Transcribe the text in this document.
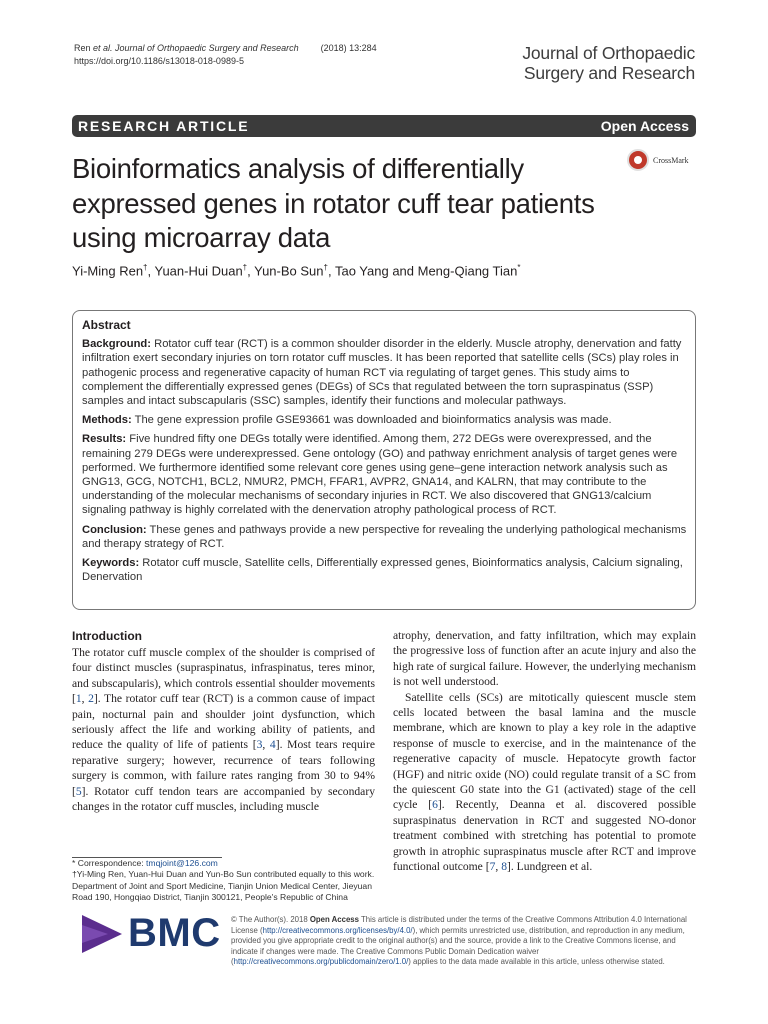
Ren et al. Journal of Orthopaedic Surgery and Research (2018) 13:284
https://doi.org/10.1186/s13018-018-0989-5	Journal of Orthopaedic
Surgery and Research
RESEARCH ARTICLE	Open Access
CrossMark
Bioinformatics analysis of differentially expressed genes in rotator cuff tear patients using microarray data
Yi-Ming Ren†, Yuan-Hui Duan†, Yun-Bo Sun†, Tao Yang and Meng-Qiang Tian*
Abstract

Background: Rotator cuff tear (RCT) is a common shoulder disorder in the elderly. Muscle atrophy, denervation and fatty infiltration exert secondary injuries on torn rotator cuff muscles. It has been reported that satellite cells (SCs) play roles in pathogenic process and regenerative capacity of human RCT via regulating of target genes. This study aims to complement the differentially expressed genes (DEGs) of SCs that regulated between the torn supraspinatus (SSP) samples and intact subscapularis (SSC) samples, identify their functions and molecular pathways.

Methods: The gene expression profile GSE93661 was downloaded and bioinformatics analysis was made.

Results: Five hundred fifty one DEGs totally were identified. Among them, 272 DEGs were overexpressed, and the remaining 279 DEGs were underexpressed. Gene ontology (GO) and pathway enrichment analysis of target genes were performed. We furthermore identified some relevant core genes using gene–gene interaction network analysis such as GNG13, GCG, NOTCH1, BCL2, NMUR2, PMCH, FFAR1, AVPR2, GNA14, and KALRN, that may contribute to the understanding of the molecular mechanisms of secondary injuries in RCT. We also discovered that GNG13/calcium signaling pathway is highly correlated with the denervation atrophy pathological process of RCT.

Conclusion: These genes and pathways provide a new perspective for revealing the underlying pathological mechanisms and therapy strategy of RCT.

Keywords: Rotator cuff muscle, Satellite cells, Differentially expressed genes, Bioinformatics analysis, Calcium signaling, Denervation

Introduction

The rotator cuff muscle complex of the shoulder is comprised of four distinct muscles (supraspinatus, infraspinatus, teres minor, and subscapularis), which controls essential shoulder movements [1, 2]. The rotator cuff tear (RCT) is a common cause of impact pain, nocturnal pain and shoulder joint dysfunction, which seriously affect the life and working ability of patients, and reduce the quality of life of patients [3, 4]. Most tears require reparative surgery; however, recurrence of tears following surgery is common, with failure rates ranging from 30 to 94% [5]. Rotator cuff tendon tears are accompanied by secondary changes in the rotator cuff muscles, including muscle

atrophy, denervation, and fatty infiltration, which may explain the progressive loss of function after an acute injury and also the high rate of surgical failure. However, the underlying mechanism is not well understood.

Satellite cells (SCs) are mitotically quiescent muscle stem cells located between the basal lamina and the muscle membrane, which are known to play a key role in the adaptive response of muscle to exercise, and in the maintenance of the regenerative capacity of muscle. Hepatocyte growth factor (HGF) and nitric oxide (NO) could regulate transit of a SC from the quiescent G0 state into the G1 (activated) stage of the cell cycle [6]. Recently, Deanna et al. discovered possible supraspinatus denervation in RCT and suggested NO-donor treatment combined with stretching has potential to promote growth in atrophic supraspinatus muscle after RCT and improve functional outcome [7, 8]. Lundgreen et al.

* Correspondence: tmqjoint@126.com
†Yi-Ming Ren, Yuan-Hui Duan and Yun-Bo Sun contributed equally to this work.
Department of Joint and Sport Medicine, Tianjin Union Medical Center, Jieyuan Road 190, Hongqiao District, Tianjin 300121, People's Republic of China
BMC © The Author(s). 2018 Open Access This article is distributed under the terms of the Creative Commons Attribution 4.0 International License (http://creativecommons.org/licenses/by/4.0/), which permits unrestricted use, distribution, and reproduction in any medium, provided you give appropriate credit to the original author(s) and the source, provide a link to the Creative Commons license, and indicate if changes were made. The Creative Commons Public Domain Dedication waiver (http://creativecommons.org/publicdomain/zero/1.0/) applies to the data made available in this article, unless otherwise stated.
